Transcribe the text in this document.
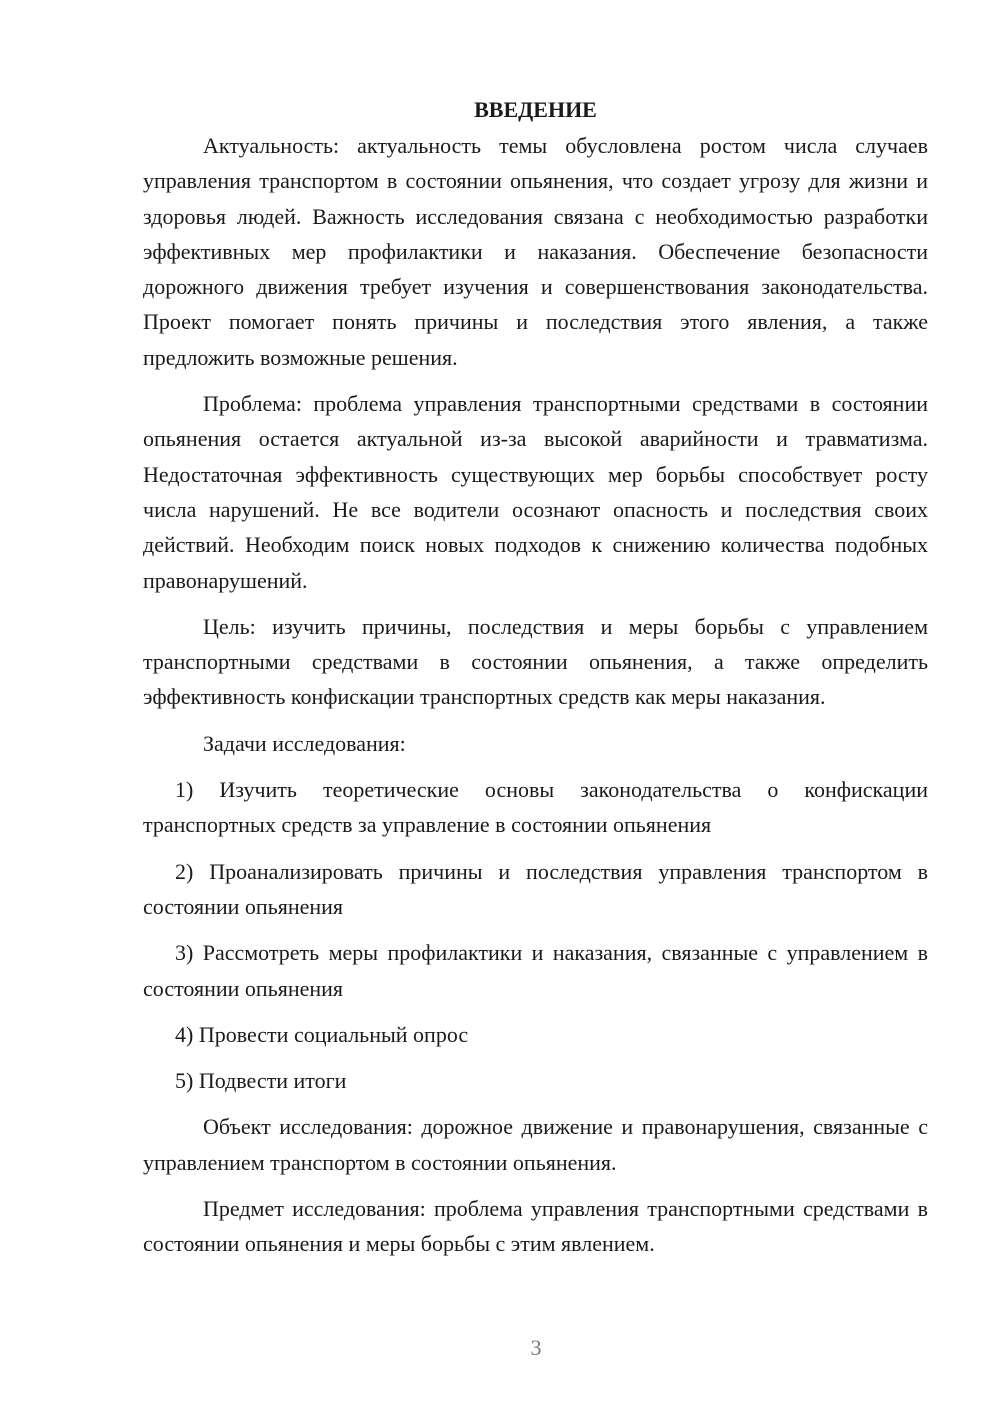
ВВЕДЕНИЕ

Актуальность: актуальность темы обусловлена ростом числа случаев управления транспортом в состоянии опьянения, что создает угрозу для жизни и здоровья людей. Важность исследования связана с необходимостью разработки эффективных мер профилактики и наказания. Обеспечение безопасности дорожного движения требует изучения и совершенствования законодательства. Проект помогает понять причины и последствия этого явления, а также предложить возможные решения.

Проблема: проблема управления транспортными средствами в состоянии опьянения остается актуальной из-за высокой аварийности и травматизма. Недостаточная эффективность существующих мер борьбы способствует росту числа нарушений. Не все водители осознают опасность и последствия своих действий. Необходим поиск новых подходов к снижению количества подобных правонарушений.

Цель: изучить причины, последствия и меры борьбы с управлением транспортными средствами в состоянии опьянения, а также определить эффективность конфискации транспортных средств как меры наказания.

Задачи исследования:

1) Изучить теоретические основы законодательства о конфискации транспортных средств за управление в состоянии опьянения

2) Проанализировать причины и последствия управления транспортом в состоянии опьянения

3) Рассмотреть меры профилактики и наказания, связанные с управлением в состоянии опьянения

4) Провести социальный опрос

5) Подвести итоги

Объект исследования: дорожное движение и правонарушения, связанные с управлением транспортом в состоянии опьянения.

Предмет исследования: проблема управления транспортными средствами в состоянии опьянения и меры борьбы с этим явлением.

3
